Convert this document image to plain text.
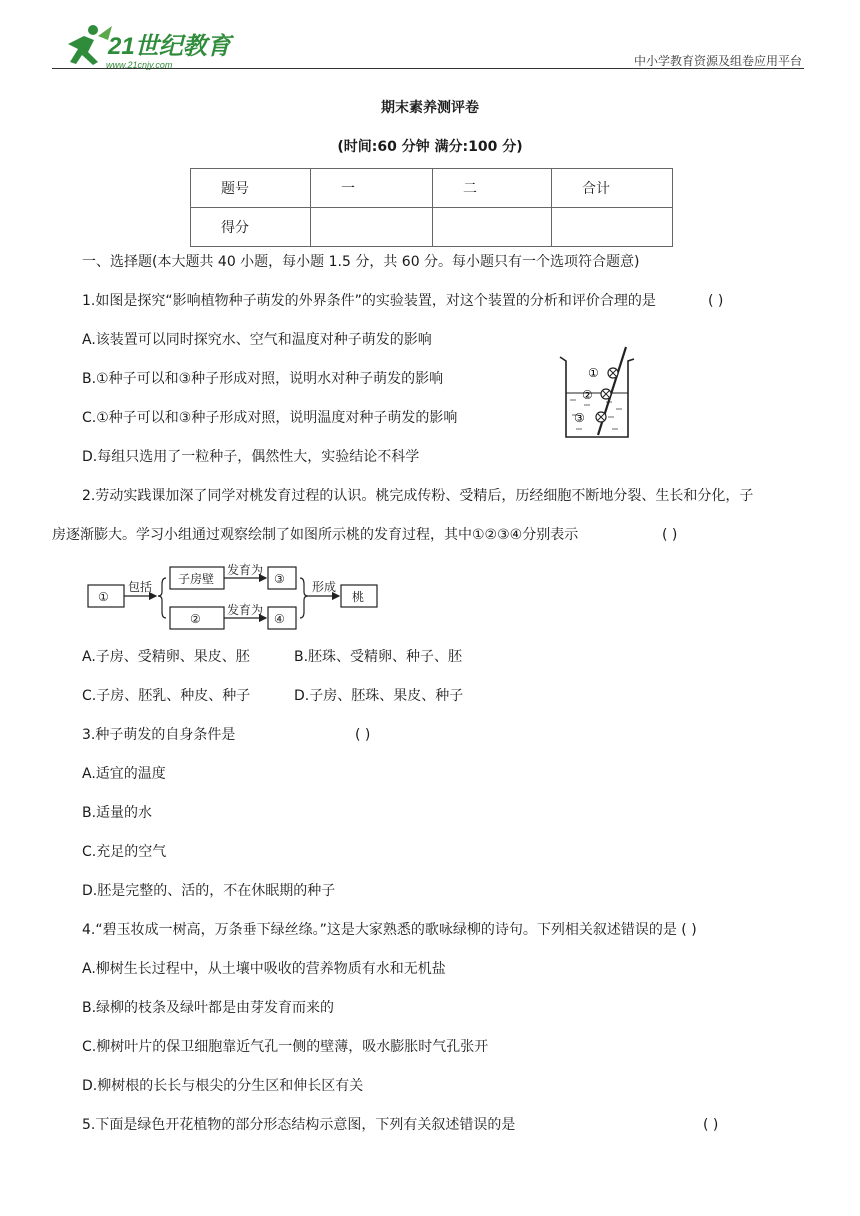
21世纪教育
www.21cnjy.com	中小学教育资源及组卷应用平台
期末素养测评卷
(时间:60 分钟 满分:100 分)
题号	一	二	合计
得分			
一、选择题(本大题共 40 小题，每小题 1.5 分，共 60 分。每小题只有一个选项符合题意)
1.如图是探究“影响植物种子萌发的外界条件”的实验装置，对这个装置的分析和评价合理的是	( )
A.该装置可以同时探究水、空气和温度对种子萌发的影响
B.①种子可以和③种子形成对照，说明水对种子萌发的影响
C.①种子可以和③种子形成对照，说明温度对种子萌发的影响
D.每组只选用了一粒种子，偶然性大，实验结论不科学
①
②
③
2.劳动实践课加深了同学对桃发育过程的认识。桃完成传粉、受精后，历经细胞不断地分裂、生长和分化，子
房逐渐膨大。学习小组通过观察绘制了如图所示桃的发育过程，其中①②③④分别表示	( )
①
包括
子房壁
发育为
③
形成
桃
②
发育为
④
A.子房、受精卵、果皮、胚	B.胚珠、受精卵、种子、胚
C.子房、胚乳、种皮、种子	D.子房、胚珠、果皮、种子
3.种子萌发的自身条件是	( )
A.适宜的温度
B.适量的水
C.充足的空气
D.胚是完整的、活的，不在休眠期的种子
4.“碧玉妆成一树高，万条垂下绿丝绦。”这是大家熟悉的歌咏绿柳的诗句。下列相关叙述错误的是 ( )
A.柳树生长过程中，从土壤中吸收的营养物质有水和无机盐
B.绿柳的枝条及绿叶都是由芽发育而来的
C.柳树叶片的保卫细胞靠近气孔一侧的壁薄，吸水膨胀时气孔张开
D.柳树根的长长与根尖的分生区和伸长区有关
5.下面是绿色开花植物的部分形态结构示意图，下列有关叙述错误的是	( )
